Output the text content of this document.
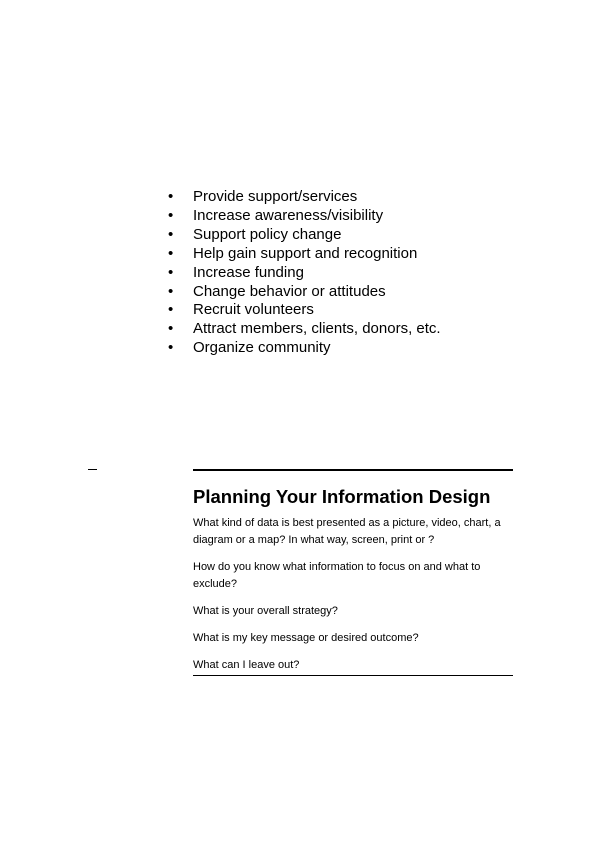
• Provide support/services
• Increase awareness/visibility
• Support policy change
• Help gain support and recognition
• Increase funding
• Change behavior or attitudes
• Recruit volunteers
• Attract members, clients, donors, etc.
• Organize community
Planning Your Information Design

What kind of data is best presented as a picture, video, chart, a diagram or a map? In what way, screen, print or ?

How do you know what information to focus on and what to exclude?

What is your overall strategy?

What is my key message or desired outcome?

What can I leave out?
